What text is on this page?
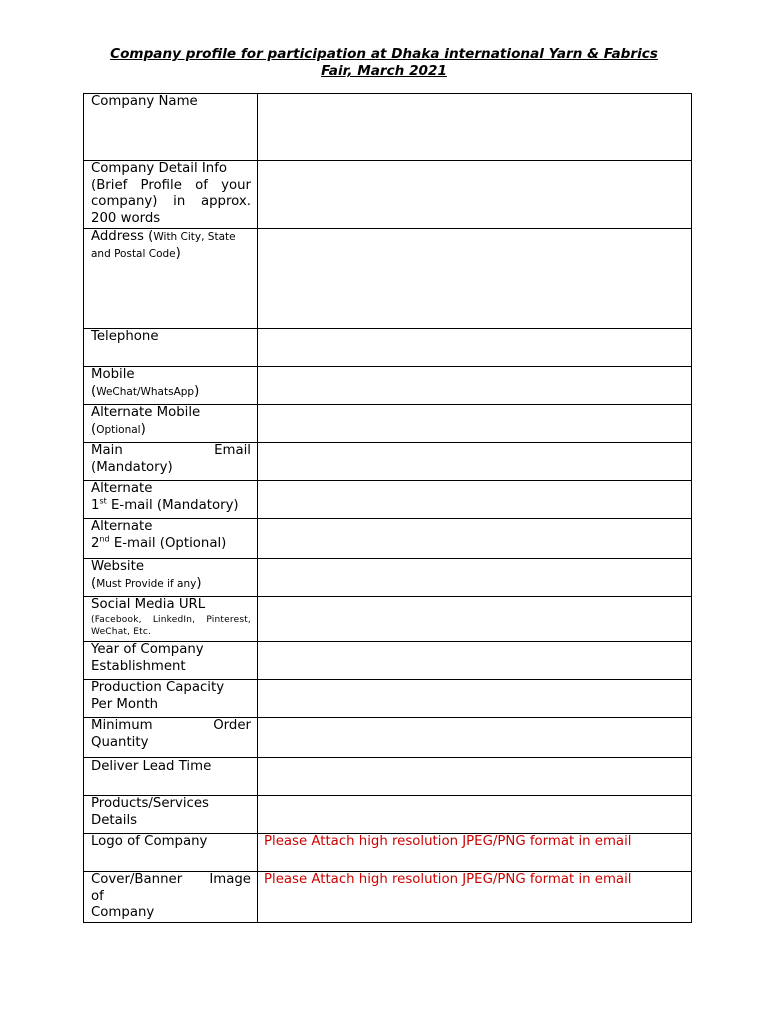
Company profile for participation at Dhaka international Yarn & Fabrics
Fair, March 2021
Company Name	

Company Detail Info
(Brief Profile of your
company) in approx.
200 words	

Address (With City, State and Postal Code)	

Telephone	

Mobile
(WeChat/WhatsApp)	

Alternate Mobile
(Optional)	

Main Email
(Mandatory)	

Alternate
1st E-mail (Mandatory)	

Alternate
2nd E-mail (Optional)	

Website
(Must Provide if any)	

Social Media URL
(Facebook, LinkedIn, Pinterest,
WeChat, Etc.	

Year of Company
Establishment	

Production Capacity
Per Month	

Minimum Order
Quantity	

Deliver Lead Time	

Products/Services
Details	

Logo of Company	Please Attach high resolution JPEG/PNG format in email

Cover/Banner Image
of
Company	Please Attach high resolution JPEG/PNG format in email
